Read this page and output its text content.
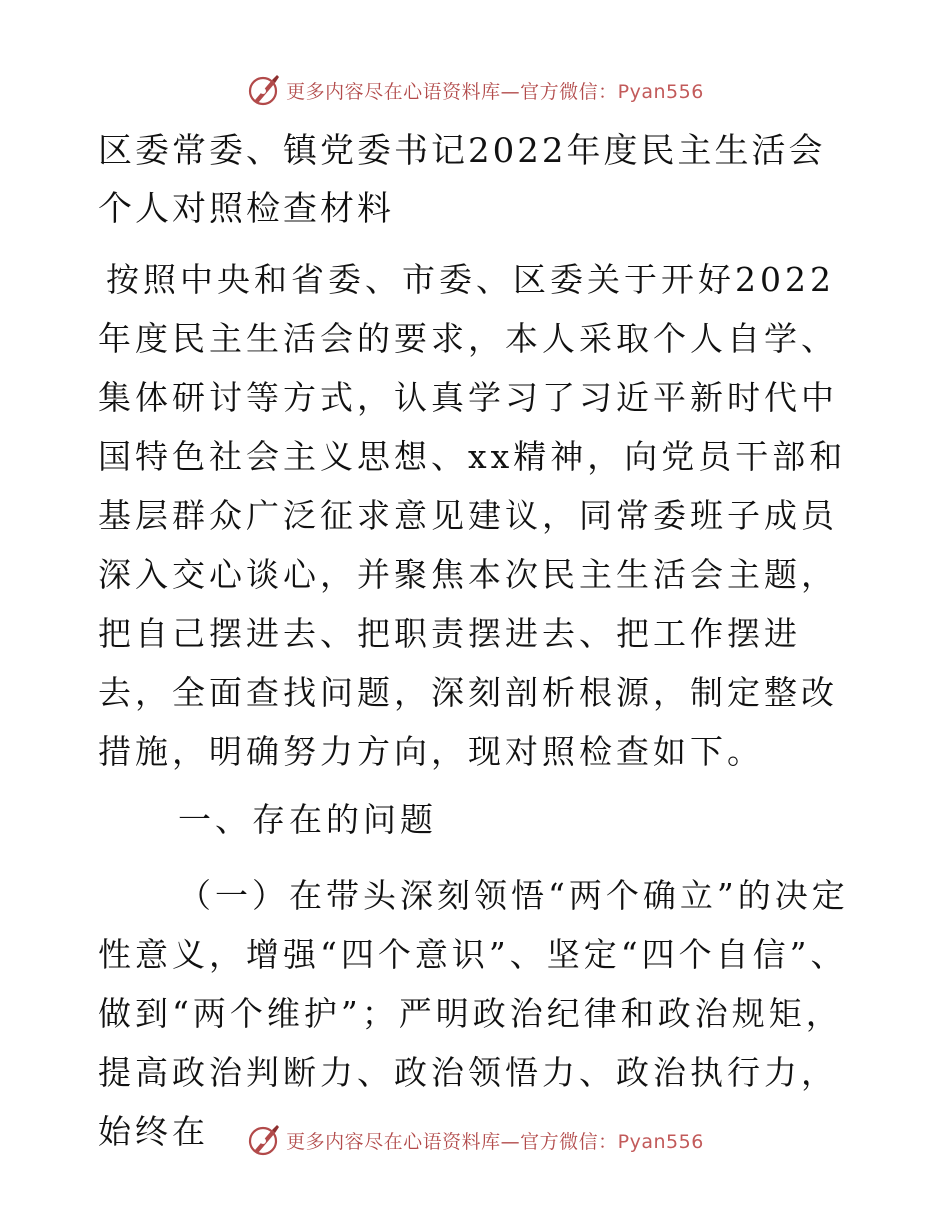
更多内容尽在心语资料库—官方微信：Pyan556
区委常委、镇党委书记2022年度民主生活会个人对照检查材料

按照中央和省委、市委、区委关于开好2022年度民主生活会的要求，本人采取个人自学、集体研讨等方式，认真学习了习近平新时代中国特色社会主义思想、xx精神，向党员干部和基层群众广泛征求意见建议，同常委班子成员深入交心谈心，并聚焦本次民主生活会主题，把自己摆进去、把职责摆进去、把工作摆进去，全面查找问题，深刻剖析根源，制定整改措施，明确努力方向，现对照检查如下。

一、存在的问题

（一）在带头深刻领悟“两个确立”的决定性意义，增强“四个意识”、坚定“四个自信”、做到“两个维护”；严明政治纪律和政治规矩，提高政治判断力、政治领悟力、政治执行力，始终在	更多内容尽在心语资料库—官方微信：Pyan556
